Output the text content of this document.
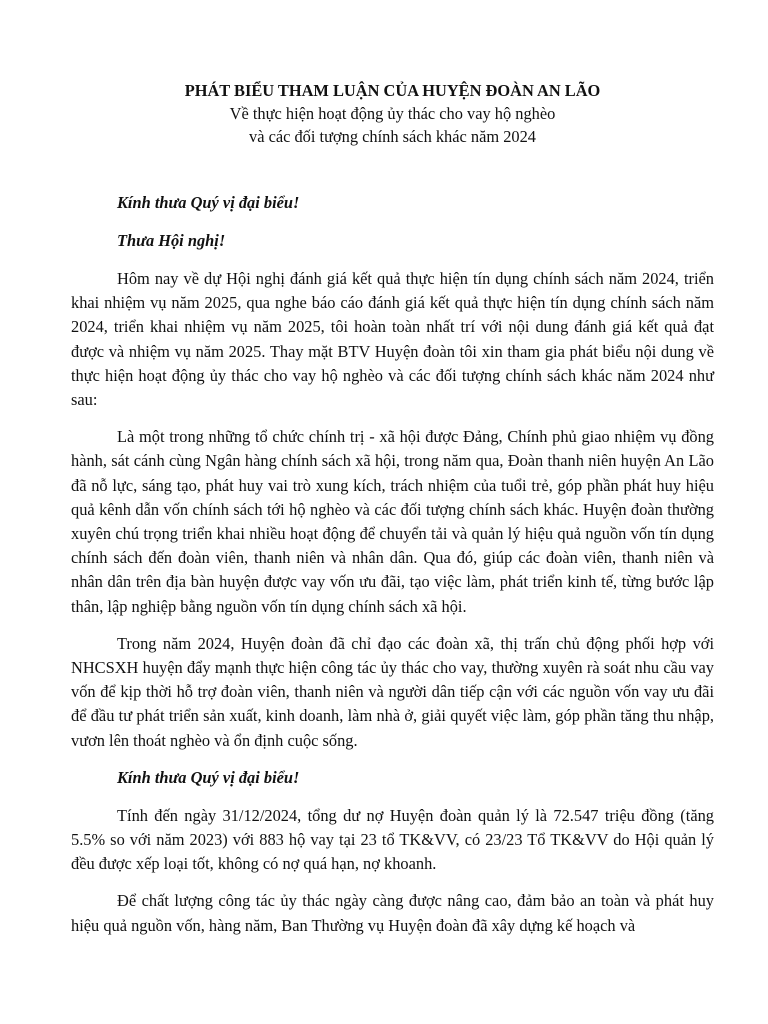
PHÁT BIỂU THAM LUẬN CỦA HUYỆN ĐOÀN AN LÃO

Về thực hiện hoạt động ủy thác cho vay hộ nghèo

và các đối tượng chính sách khác năm 2024

Kính thưa Quý vị đại biểu!

Thưa Hội nghị!

Hôm nay về dự Hội nghị đánh giá kết quả thực hiện tín dụng chính sách năm 2024, triển khai nhiệm vụ năm 2025, qua nghe báo cáo đánh giá kết quả thực hiện tín dụng chính sách năm 2024, triển khai nhiệm vụ năm 2025, tôi hoàn toàn nhất trí với nội dung đánh giá kết quả đạt được và nhiệm vụ năm 2025. Thay mặt BTV Huyện đoàn tôi xin tham gia phát biểu nội dung về thực hiện hoạt động ủy thác cho vay hộ nghèo và các đối tượng chính sách khác năm 2024 như sau:

Là một trong những tổ chức chính trị - xã hội được Đảng, Chính phủ giao nhiệm vụ đồng hành, sát cánh cùng Ngân hàng chính sách xã hội, trong năm qua, Đoàn thanh niên huyện An Lão đã nỗ lực, sáng tạo, phát huy vai trò xung kích, trách nhiệm của tuổi trẻ, góp phần phát huy hiệu quả kênh dẫn vốn chính sách tới hộ nghèo và các đối tượng chính sách khác. Huyện đoàn thường xuyên chú trọng triển khai nhiều hoạt động để chuyển tải và quản lý hiệu quả nguồn vốn tín dụng chính sách đến đoàn viên, thanh niên và nhân dân. Qua đó, giúp các đoàn viên, thanh niên và nhân dân trên địa bàn huyện được vay vốn ưu đãi, tạo việc làm, phát triển kinh tế, từng bước lập thân, lập nghiệp bằng nguồn vốn tín dụng chính sách xã hội.

Trong năm 2024, Huyện đoàn đã chỉ đạo các đoàn xã, thị trấn chủ động phối hợp với NHCSXH huyện đẩy mạnh thực hiện công tác ủy thác cho vay, thường xuyên rà soát nhu cầu vay vốn để kịp thời hỗ trợ đoàn viên, thanh niên và người dân tiếp cận với các nguồn vốn vay ưu đãi để đầu tư phát triển sản xuất, kinh doanh, làm nhà ở, giải quyết việc làm, góp phần tăng thu nhập, vươn lên thoát nghèo và ổn định cuộc sống.

Kính thưa Quý vị đại biểu!

Tính đến ngày 31/12/2024, tổng dư nợ Huyện đoàn quản lý là 72.547 triệu đồng (tăng 5.5% so với năm 2023) với 883 hộ vay tại 23 tổ TK&VV, có 23/23 Tổ TK&VV do Hội quản lý đều được xếp loại tốt, không có nợ quá hạn, nợ khoanh.

Để chất lượng công tác ủy thác ngày càng được nâng cao, đảm bảo an toàn và phát huy hiệu quả nguồn vốn, hàng năm, Ban Thường vụ Huyện đoàn đã xây dựng kế hoạch và
